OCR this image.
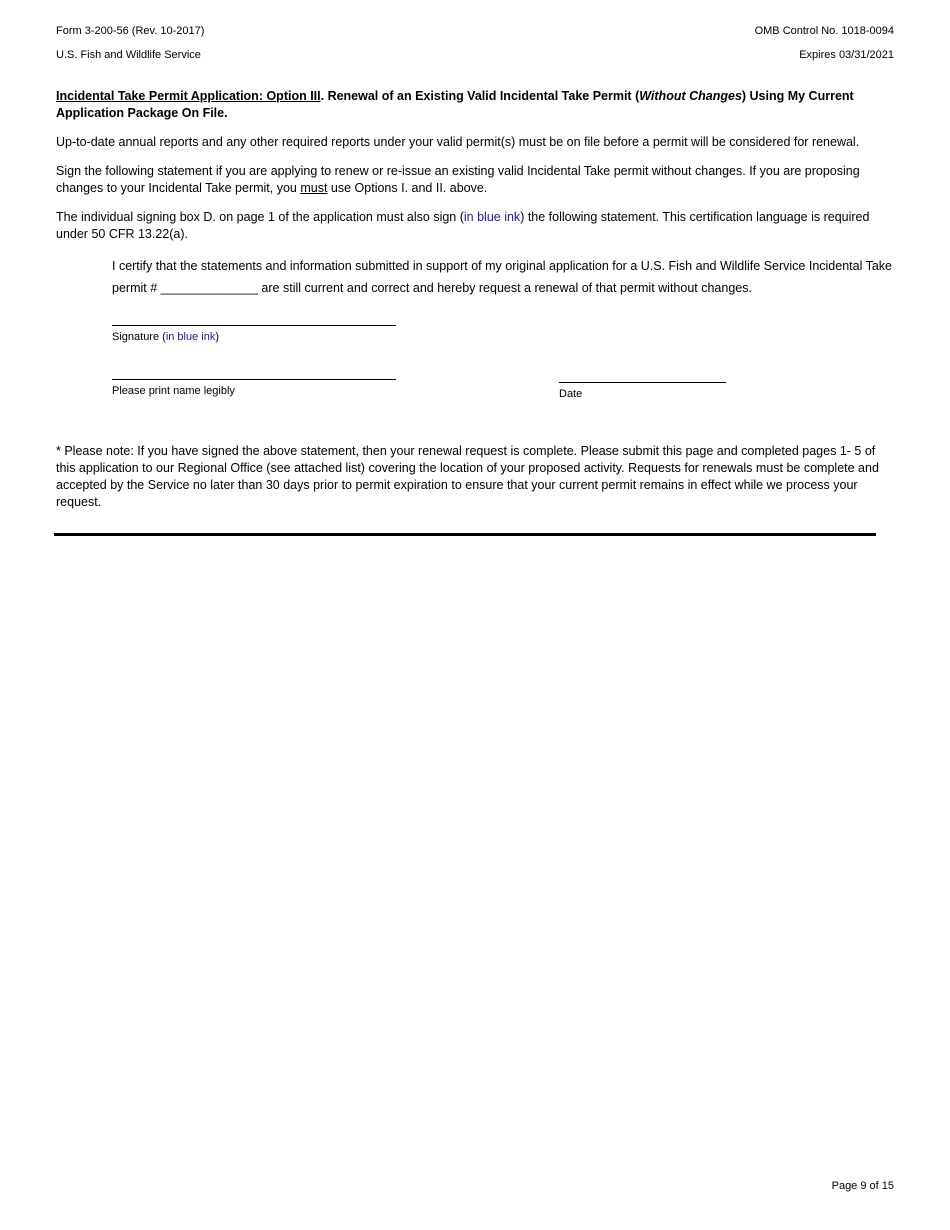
Form 3-200-56 (Rev. 10-2017)
U.S. Fish and Wildlife Service
OMB Control No. 1018-0094
Expires 03/31/2021
Incidental Take Permit Application: Option III. Renewal of an Existing Valid Incidental Take Permit (Without Changes) Using My Current Application Package On File.

Up-to-date annual reports and any other required reports under your valid permit(s) must be on file before a permit will be considered for renewal.

Sign the following statement if you are applying to renew or re-issue an existing valid Incidental Take permit without changes. If you are proposing changes to your Incidental Take permit, you must use Options I. and II. above.

The individual signing box D. on page 1 of the application must also sign (in blue ink) the following statement. This certification language is required under 50 CFR 13.22(a).

I certify that the statements and information submitted in support of my original application for a U.S. Fish and Wildlife Service Incidental Take permit # ______________ are still current and correct and hereby request a renewal of that permit without changes.
Signature (in blue ink)
Please print name legibly	Date

* Please note: If you have signed the above statement, then your renewal request is complete. Please submit this page and completed pages 1- 5 of this application to our Regional Office (see attached list) covering the location of your proposed activity. Requests for renewals must be complete and accepted by the Service no later than 30 days prior to permit expiration to ensure that your current permit remains in effect while we process your request.

Page 9 of 15
